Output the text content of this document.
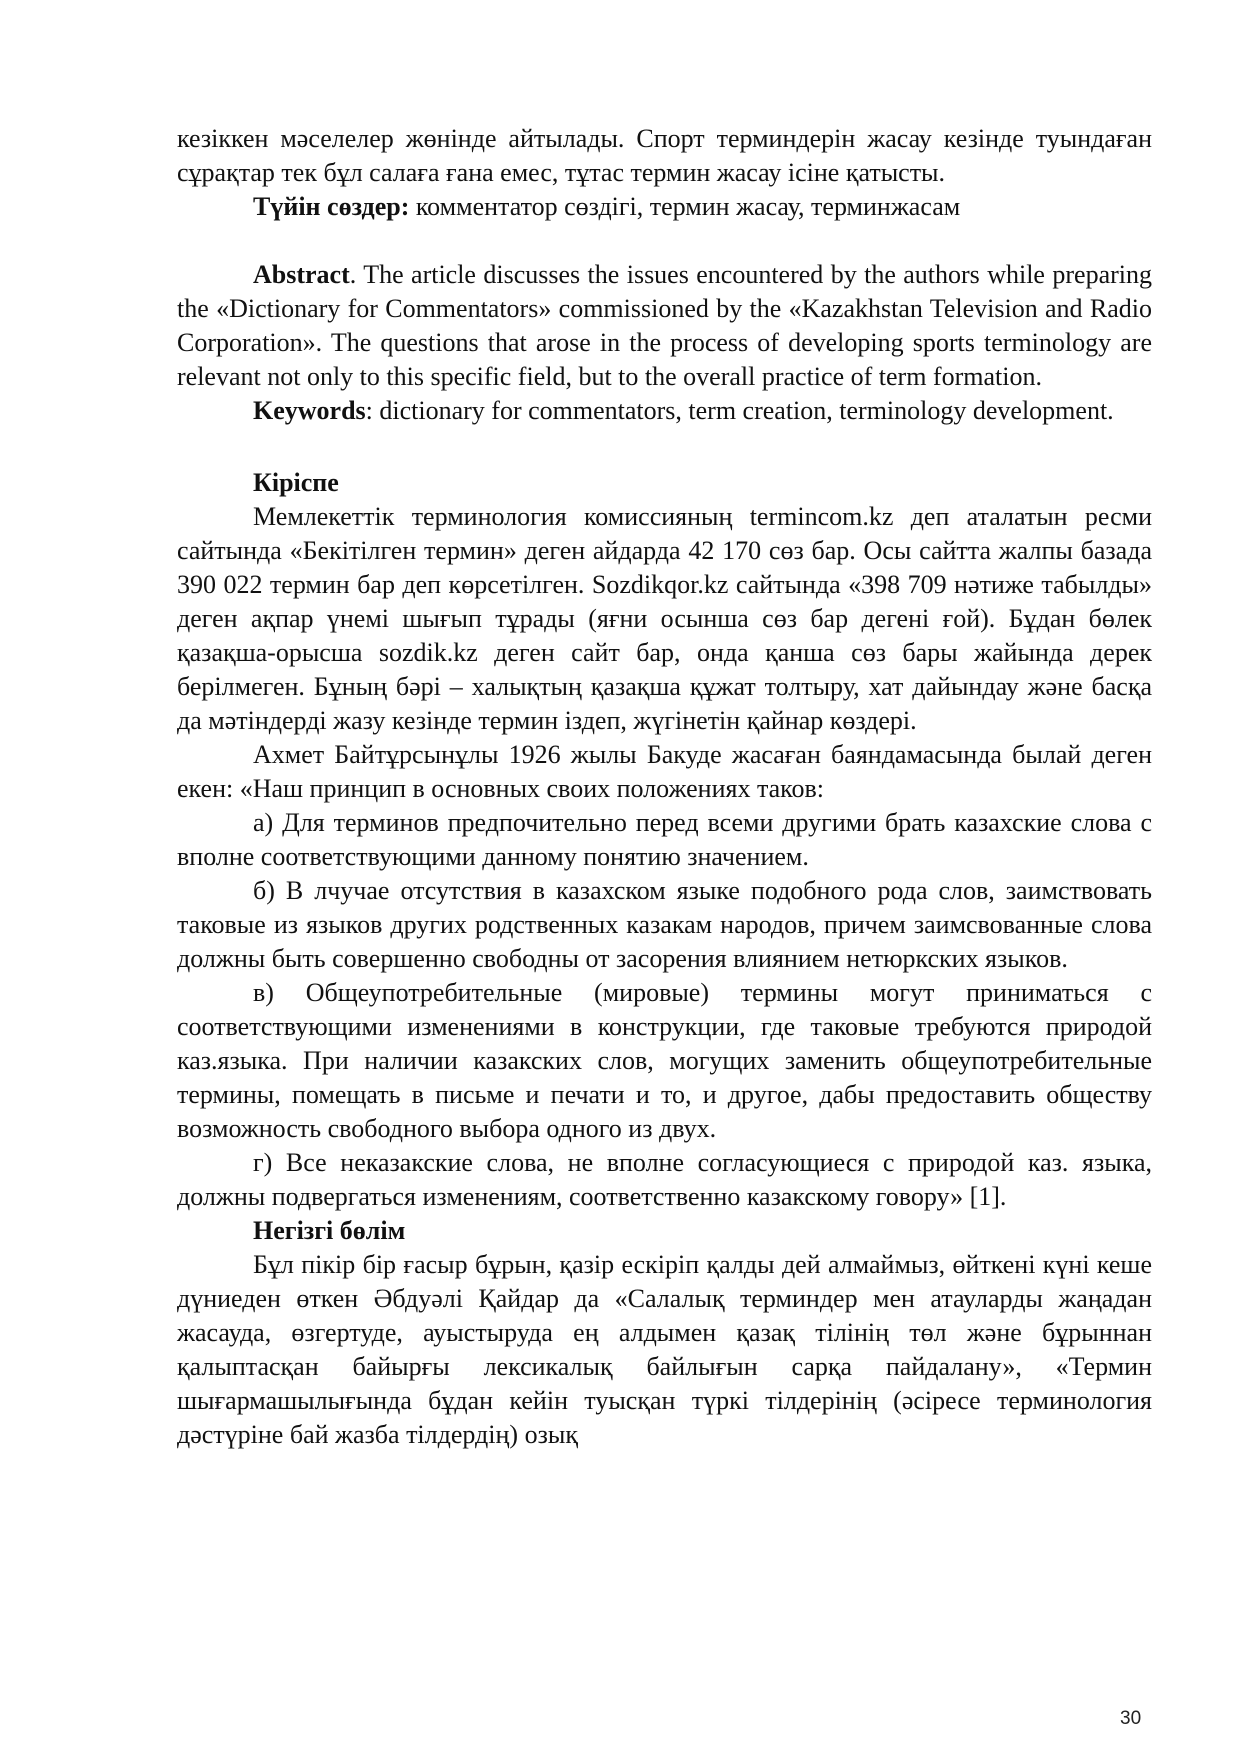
кезіккен мәселелер жөнінде айтылады. Спорт терминдерін жасау кезінде туындаған сұрақтар тек бұл салаға ғана емес, тұтас термин жасау ісіне қатысты.

Түйін сөздер: комментатор сөздігі, термин жасау, терминжасам

Abstract. The article discusses the issues encountered by the authors while preparing the «Dictionary for Commentators» commissioned by the «Kazakhstan Television and Radio Corporation». The questions that arose in the process of developing sports terminology are relevant not only to this specific field, but to the overall practice of term formation.

Keywords: dictionary for commentators, term creation, terminology development.

Кіріспе

Мемлекеттік терминология комиссияның termincom.kz деп аталатын ресми сайтында «Бекітілген термин» деген айдарда 42 170 сөз бар. Осы сайтта жалпы базада 390 022 термин бар деп көрсетілген. Sozdikqor.kz сайтында «398 709 нәтиже табылды» деген ақпар үнемі шығып тұрады (яғни осынша сөз бар дегені ғой). Бұдан бөлек қазақша-орысша sozdik.kz деген сайт бар, онда қанша сөз бары жайында дерек берілмеген. Бұның бәрі – халықтың қазақша құжат толтыру, хат дайындау және басқа да мәтіндерді жазу кезінде термин іздеп, жүгінетін қайнар көздері.

Ахмет Байтұрсынұлы 1926 жылы Бакуде жасаған баяндамасында былай деген екен: «Наш принцип в основных своих положениях таков:

а) Для терминов предпочительно перед всеми другими брать казахские слова с вполне соответствующими данному понятию значением.

б) В лчучае отсутствия в казахском языке подобного рода слов, заимствовать таковые из языков других родственных казакам народов, причем заимсвованные слова должны быть совершенно свободны от засорения влиянием нетюркских языков.

в) Общеупотребительные (мировые) термины могут приниматься с соответствующими изменениями в конструкции, где таковые требуются природой каз.языка. При наличии казакских слов, могущих заменить общеупотребительные термины, помещать в письме и печати и то, и другое, дабы предоставить обществу возможность свободного выбора одного из двух.

г) Все неказакские слова, не вполне согласующиеся с природой каз. языка, должны подвергаться изменениям, соответственно казакскому говору» [1].

Негізгі бөлім

Бұл пікір бір ғасыр бұрын, қазір ескіріп қалды дей алмаймыз, өйткені күні кеше дүниеден өткен Әбдуәлі Қайдар да «Салалық терминдер мен атауларды жаңадан жасауда, өзгертуде, ауыстыруда ең алдымен қазақ тілінің төл және бұрыннан қалыптасқан байырғы лексикалық байлығын сарқа пайдалану», «Термин шығармашылығында бұдан кейін туысқан түркі тілдерінің (әсіресе терминология дәстүріне бай жазба тілдердің) озық

30
